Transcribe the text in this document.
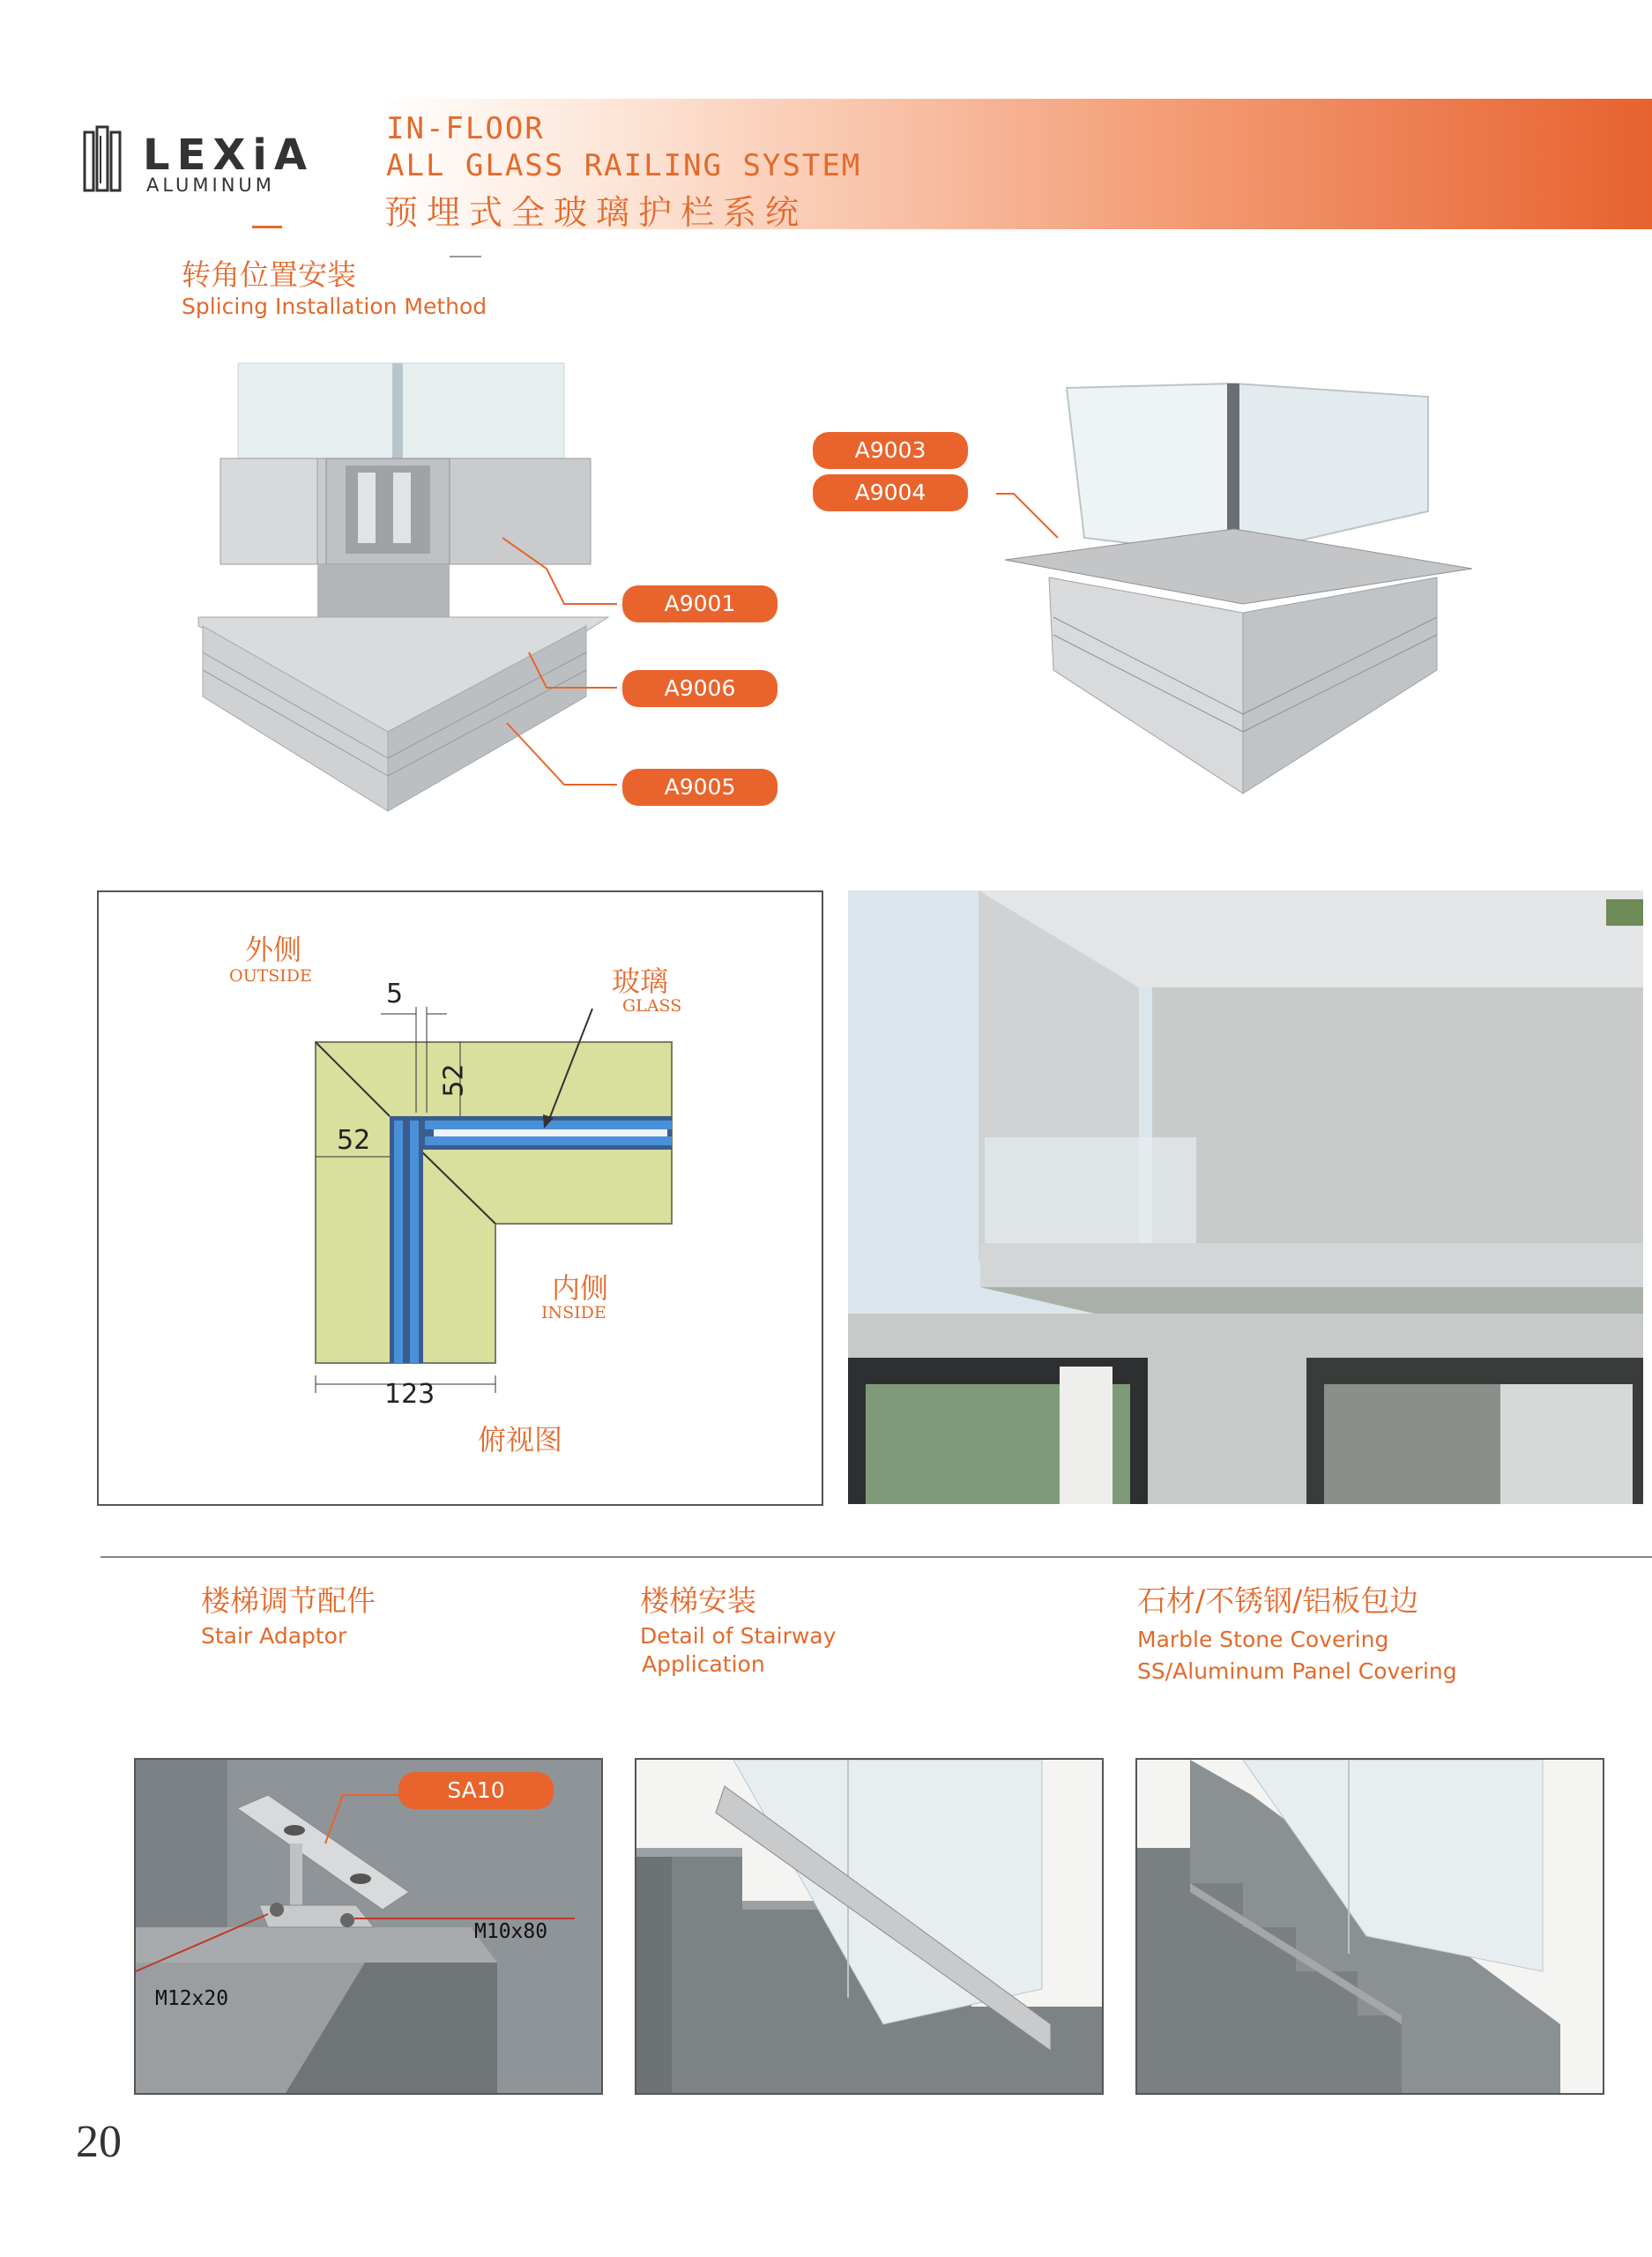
LEXiA
ALUMINUM
IN-FLOOR
ALL GLASS RAILING SYSTEM
预埋式全玻璃护栏系统
转角位置安装
Splicing Installation Method
A9001
A9006
A9005
A9003
A9004
外侧
OUTSIDE	玻璃
GLASS
内侧
INSIDE
5
52
52
123
俯视图
楼梯调节配件
Stair Adaptor
楼梯安装
Detail of Stairway
Application
石材/不锈钢/铝板包边
Marble Stone Covering
SS/Aluminum Panel Covering
M10x80
M12x20
SA10
20
